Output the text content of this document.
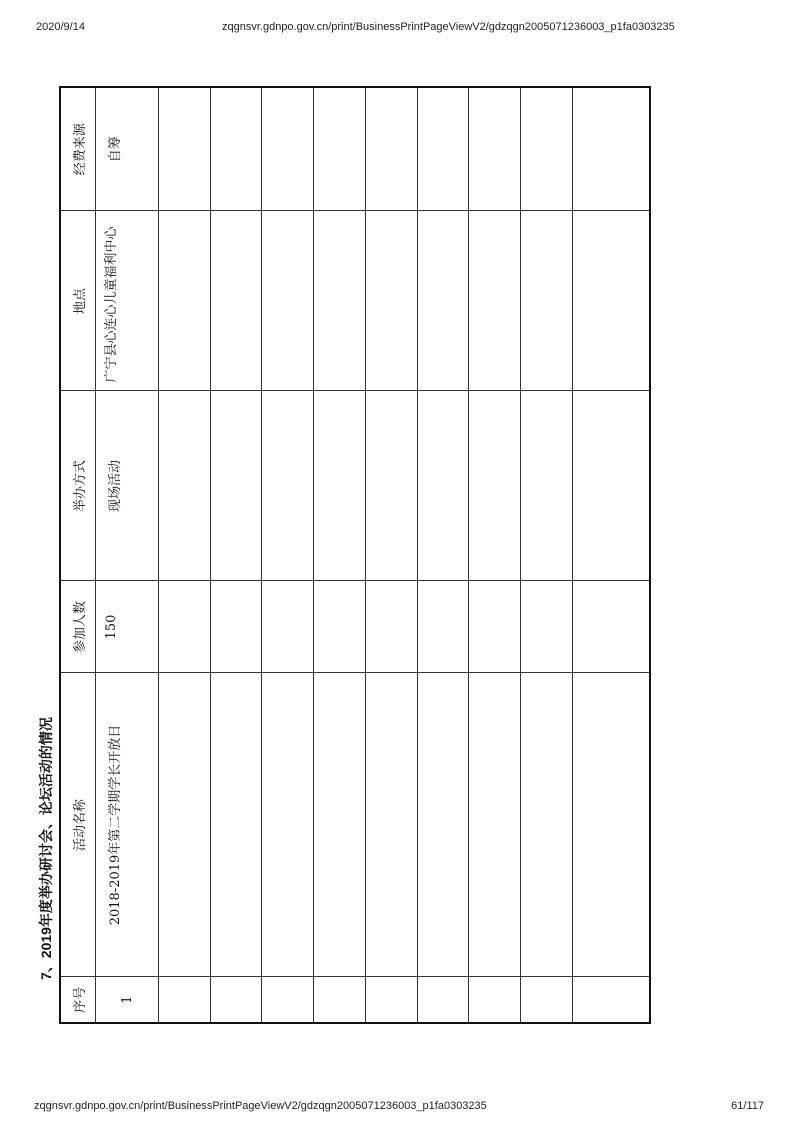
2020/9/14	zqgnsvr.gdnpo.gov.cn/print/BusinessPrintPageViewV2/gdzqgn2005071236003_p1fa0303235
7、2019年度举办研讨会、论坛活动的情况
序号	活动名称	参加人数	举办方式	地点	经费来源
1	2018-2019年第二学期学长开放日	150	现场活动	广宁县心连心儿童福利中心	自筹

zqgnsvr.gdnpo.gov.cn/print/BusinessPrintPageViewV2/gdzqgn2005071236003_p1fa0303235	61/117
